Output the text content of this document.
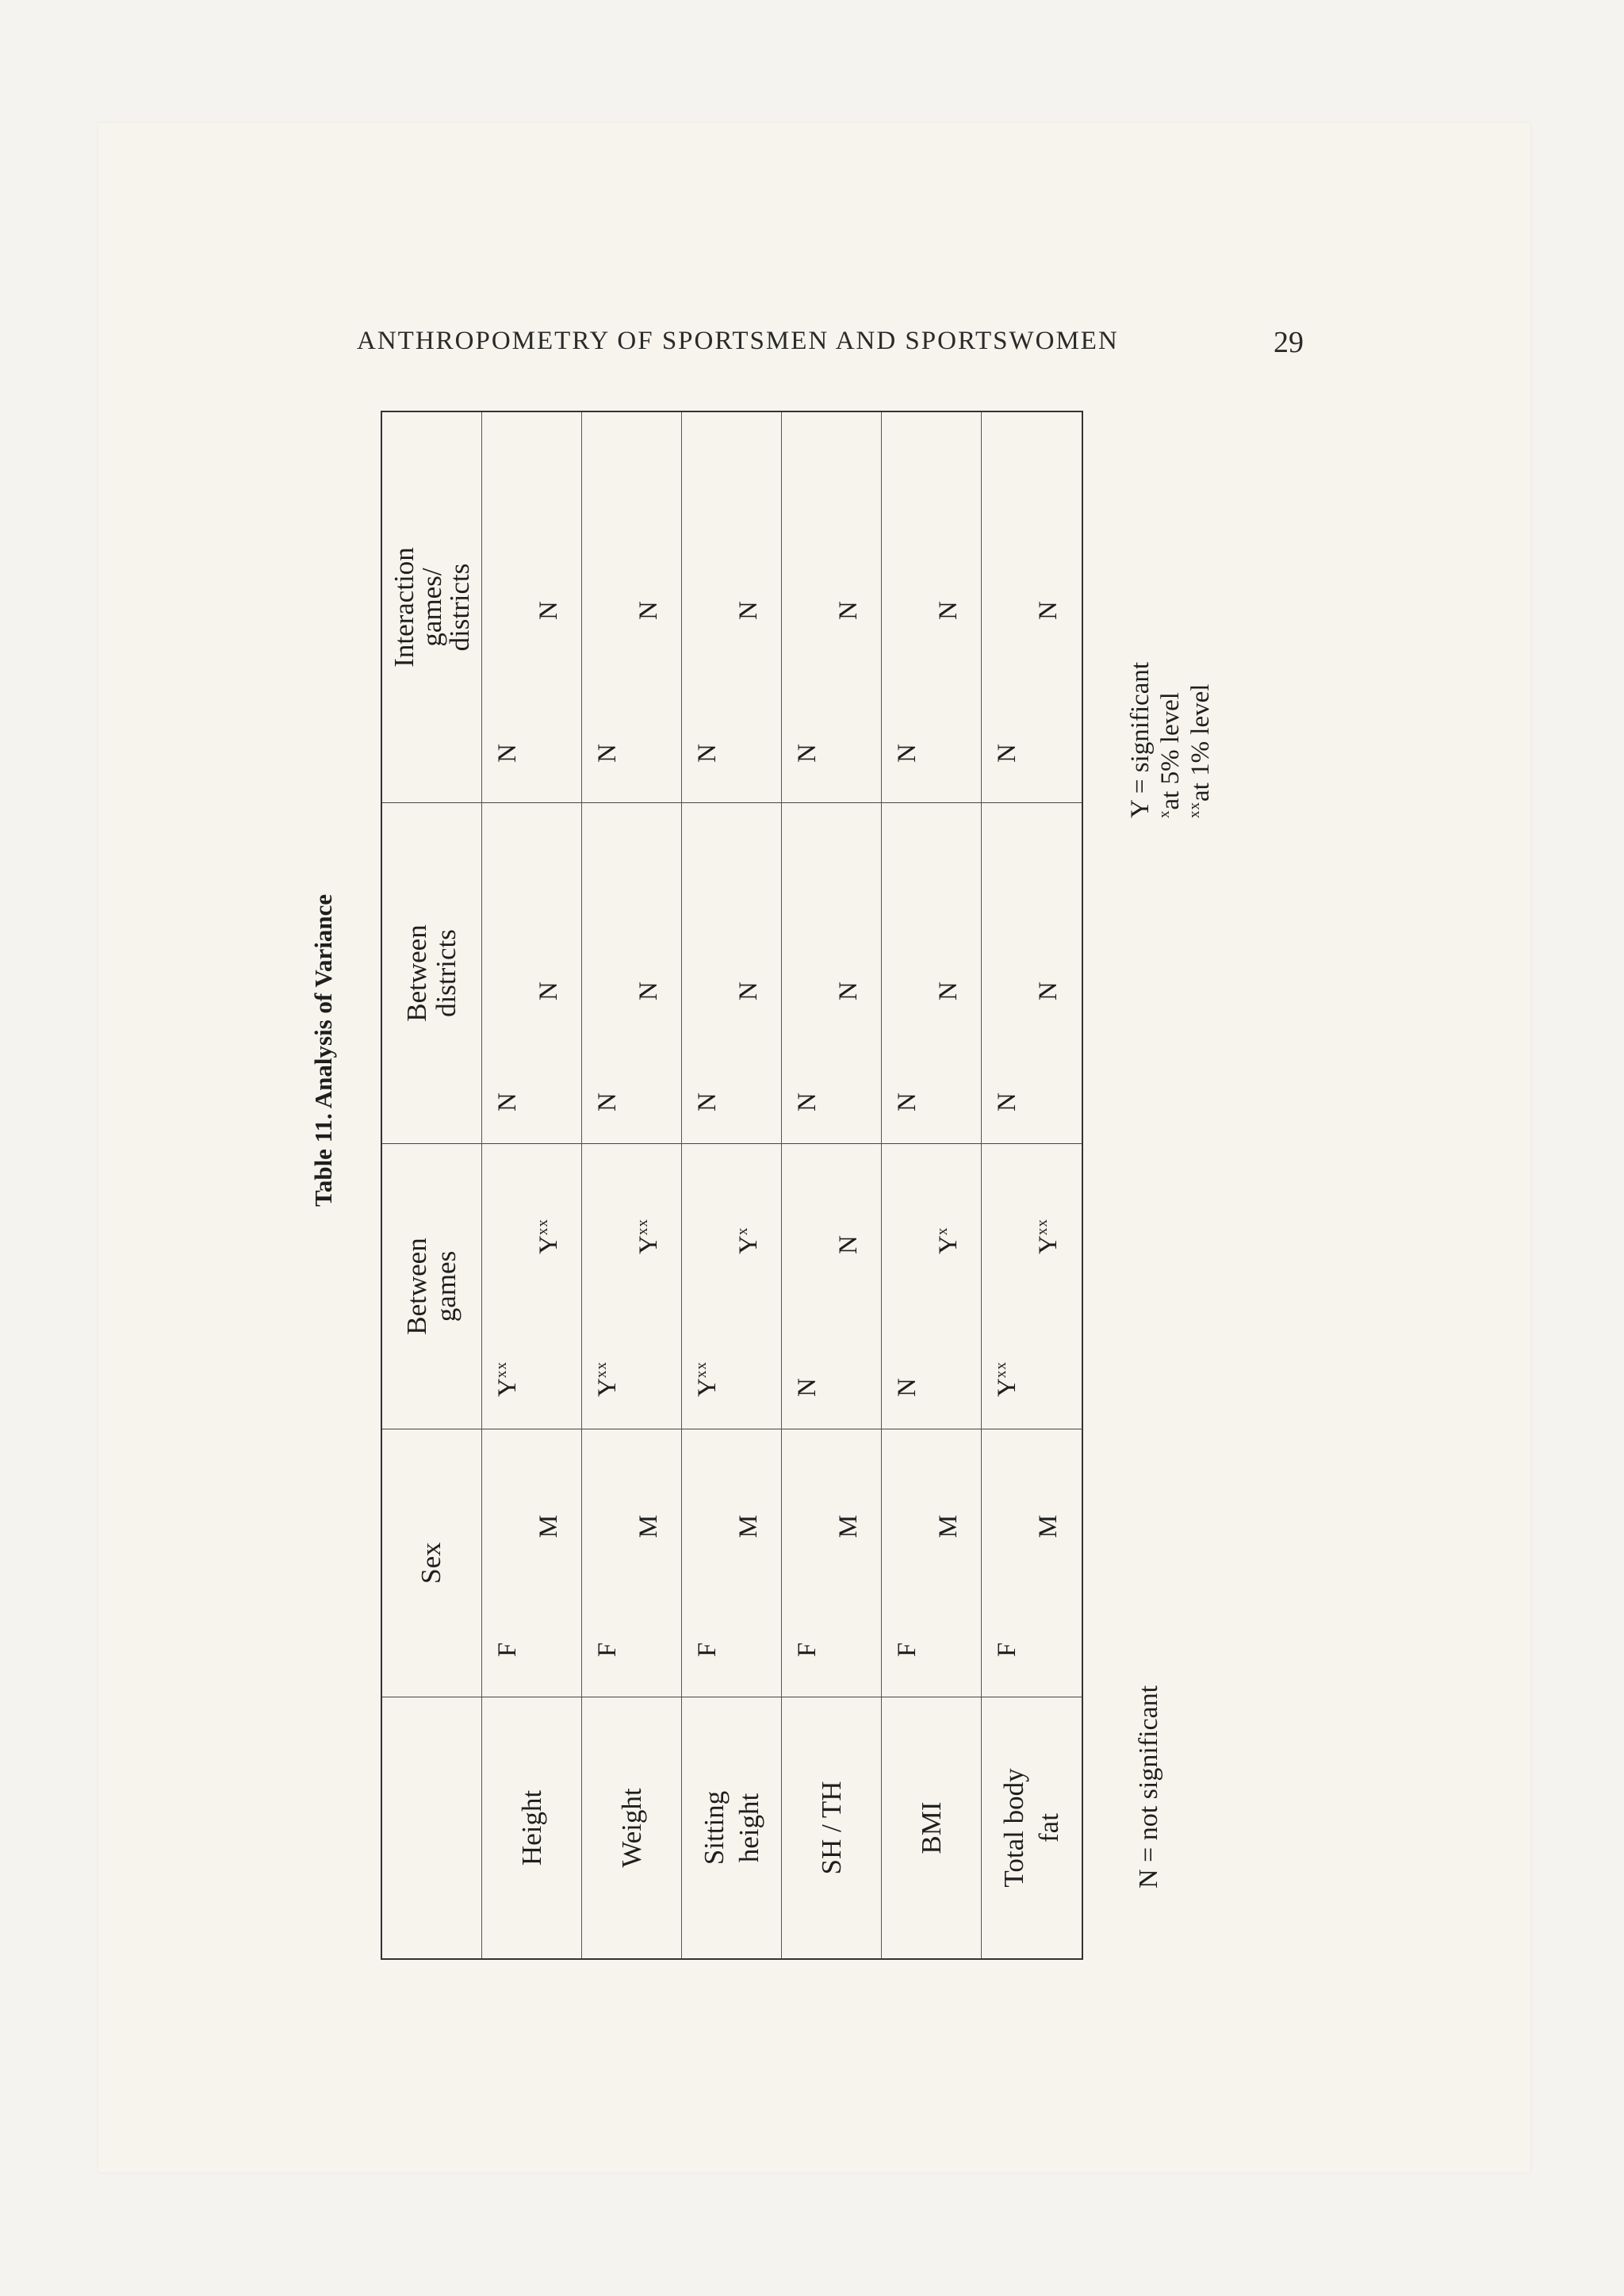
ANTHROPOMETRY OF SPORTSMEN AND SPORTSWOMEN	29
Table 11. Analysis of Variance
Sex
Between games
Between districts
Interaction games/ districts
Height
F
M
$Y^{xx}$
$Y^{xx}$
N
N
N
N
Weight
F
M
$Y^{xx}$
$Y^{xx}$
N
N
N
N
Sitting height
F
M
$Y^{xx}$
$Y^x$
N
N
N
N
SH / TH
F
M
N
N
N
N
N
N
BMI
F
M
N
$Y^x$
N
N
N
N
Total body fat
F
M
$Y^{xx}$
$Y^{xx}$
N
N
N
N
N = not significant
Y = significant $^x$at 5% level $^{xx}$at 1% level
